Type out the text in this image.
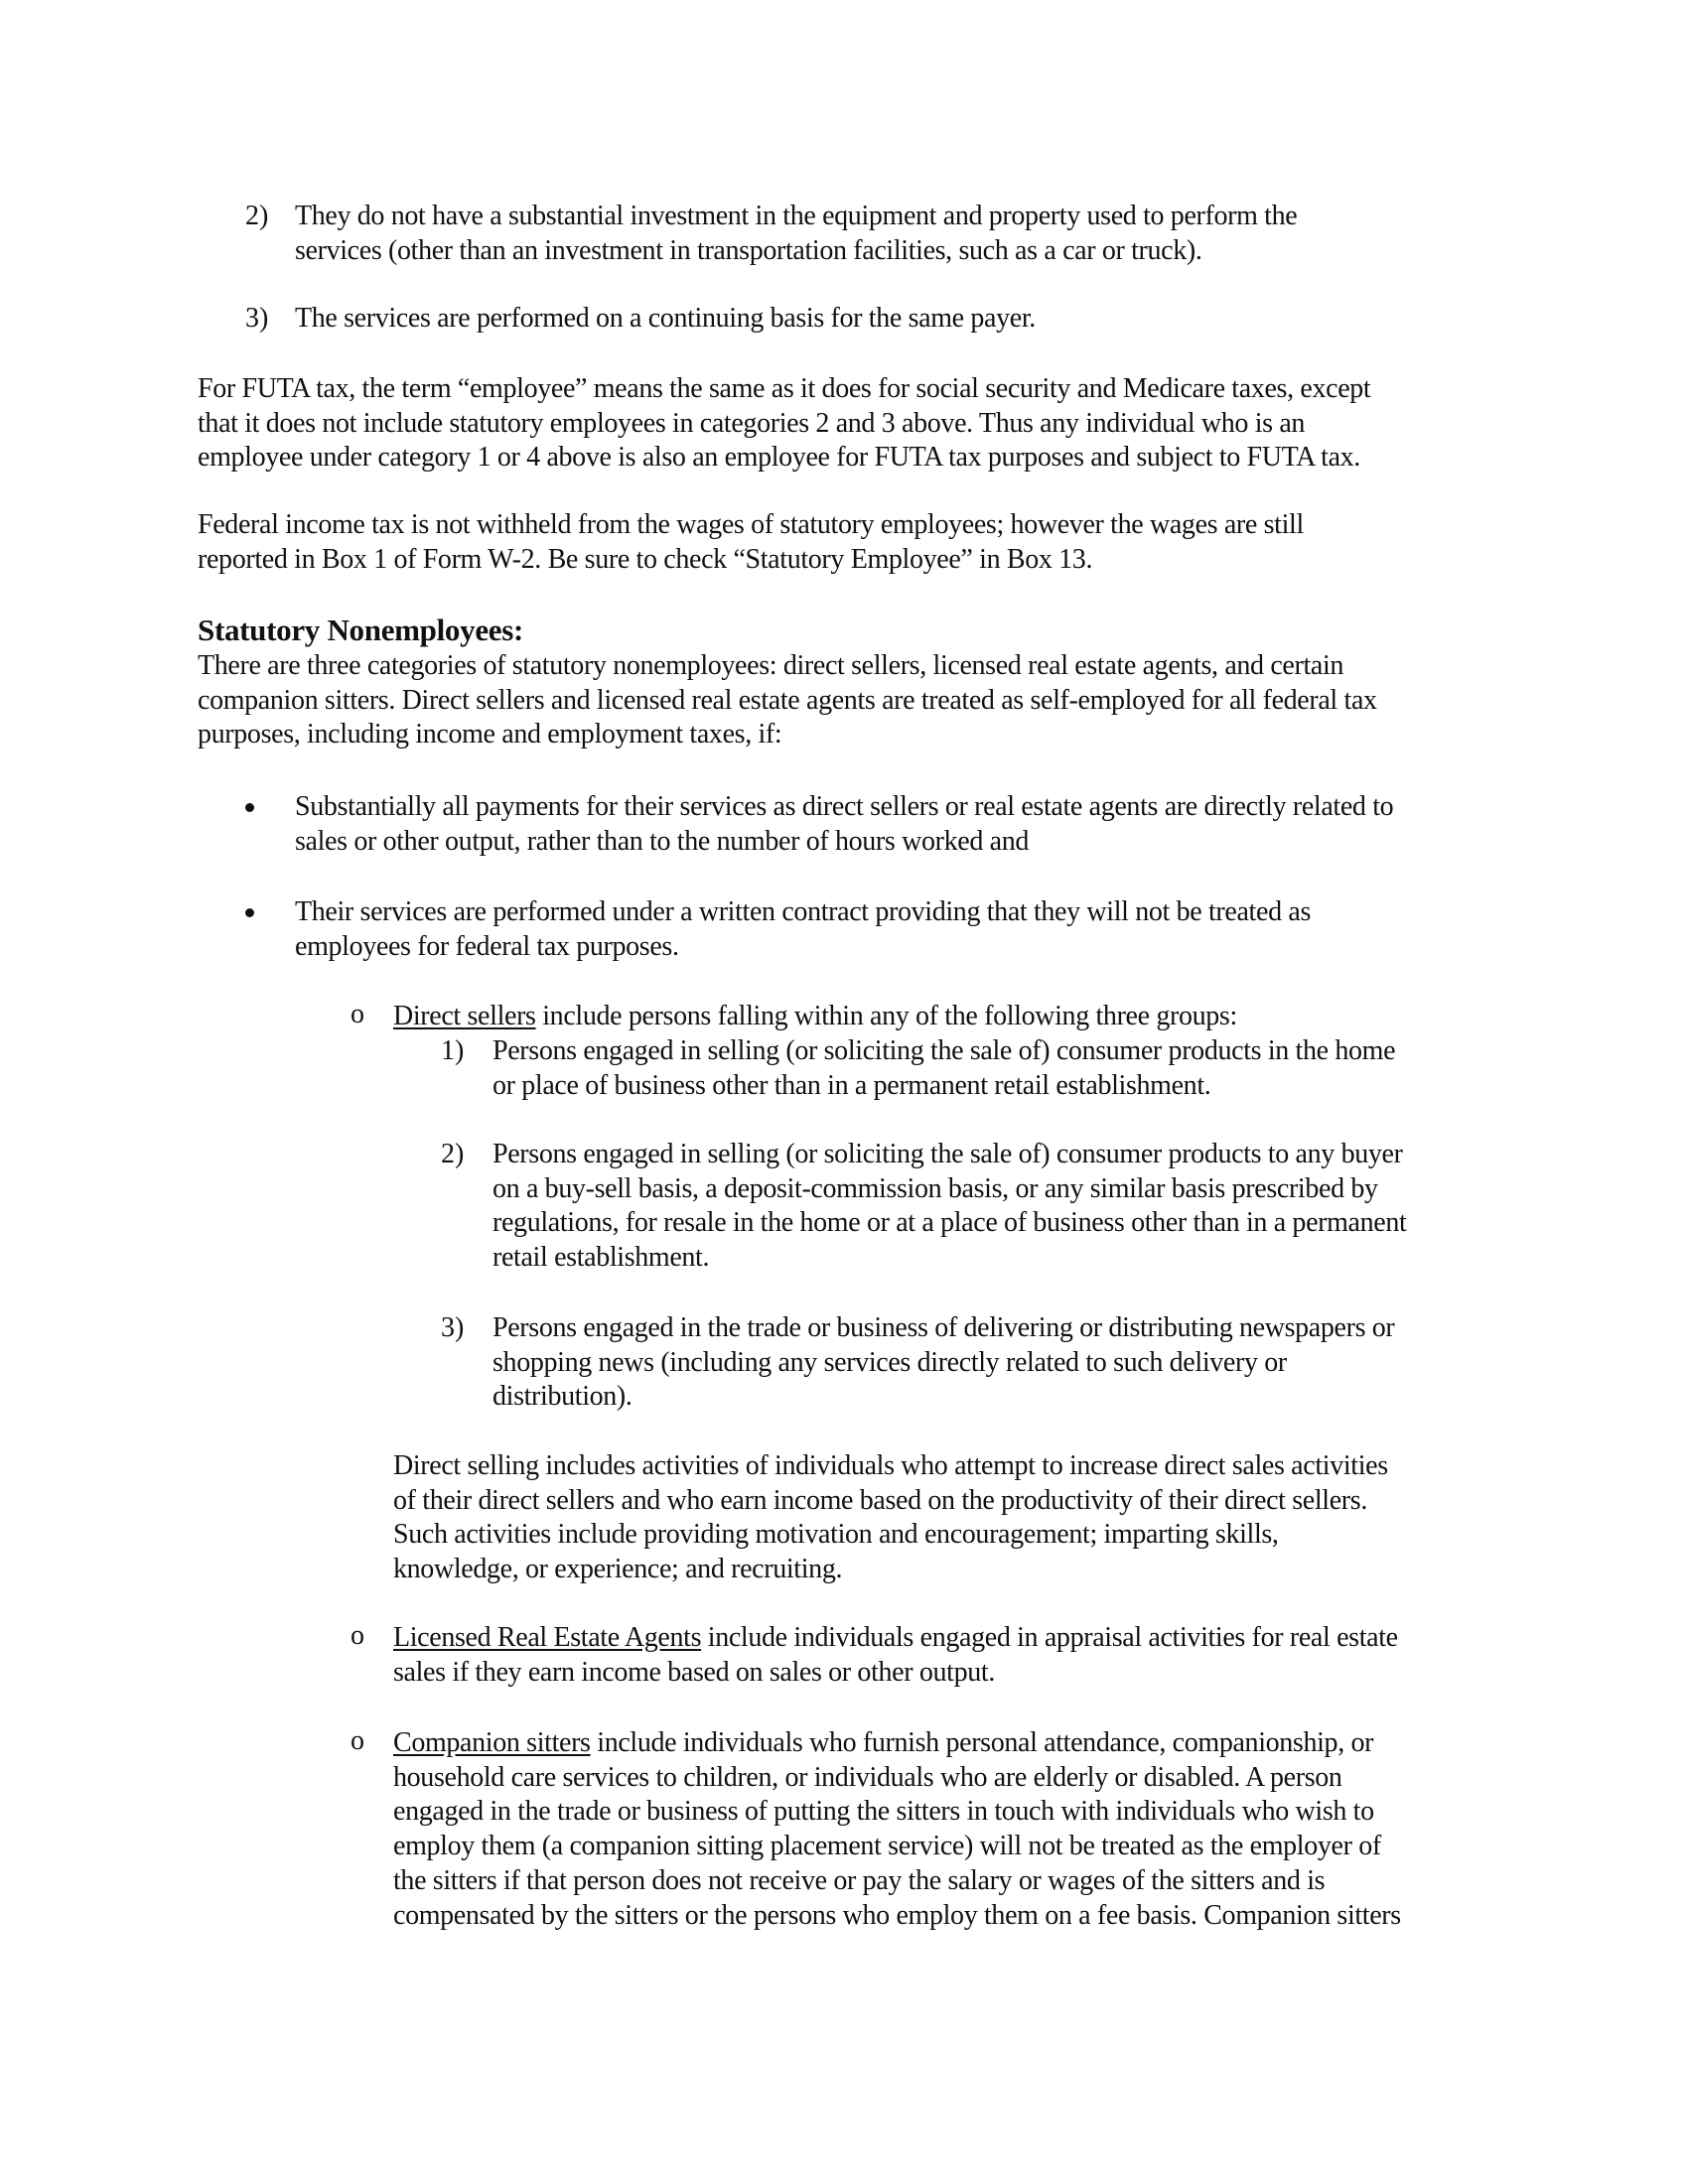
2) They do not have a substantial investment in the equipment and property used to perform the
services (other than an investment in transportation facilities, such as a car or truck).
3) The services are performed on a continuing basis for the same payer.
For FUTA tax, the term “employee” means the same as it does for social security and Medicare taxes, except
that it does not include statutory employees in categories 2 and 3 above. Thus any individual who is an
employee under category 1 or 4 above is also an employee for FUTA tax purposes and subject to FUTA tax.
Federal income tax is not withheld from the wages of statutory employees; however the wages are still
reported in Box 1 of Form W-2. Be sure to check “Statutory Employee” in Box 13.
Statutory Nonemployees:
There are three categories of statutory nonemployees: direct sellers, licensed real estate agents, and certain
companion sitters. Direct sellers and licensed real estate agents are treated as self-employed for all federal tax
purposes, including income and employment taxes, if:
Substantially all payments for their services as direct sellers or real estate agents are directly related to
sales or other output, rather than to the number of hours worked and
Their services are performed under a written contract providing that they will not be treated as
employees for federal tax purposes.
o Direct sellers include persons falling within any of the following three groups:
1) Persons engaged in selling (or soliciting the sale of) consumer products in the home
or place of business other than in a permanent retail establishment.
2) Persons engaged in selling (or soliciting the sale of) consumer products to any buyer
on a buy-sell basis, a deposit-commission basis, or any similar basis prescribed by
regulations, for resale in the home or at a place of business other than in a permanent
retail establishment.
3) Persons engaged in the trade or business of delivering or distributing newspapers or
shopping news (including any services directly related to such delivery or
distribution).
Direct selling includes activities of individuals who attempt to increase direct sales activities
of their direct sellers and who earn income based on the productivity of their direct sellers.
Such activities include providing motivation and encouragement; imparting skills,
knowledge, or experience; and recruiting.
o Licensed Real Estate Agents include individuals engaged in appraisal activities for real estate
sales if they earn income based on sales or other output.
o Companion sitters include individuals who furnish personal attendance, companionship, or
household care services to children, or individuals who are elderly or disabled. A person
engaged in the trade or business of putting the sitters in touch with individuals who wish to
employ them (a companion sitting placement service) will not be treated as the employer of
the sitters if that person does not receive or pay the salary or wages of the sitters and is
compensated by the sitters or the persons who employ them on a fee basis. Companion sitters
